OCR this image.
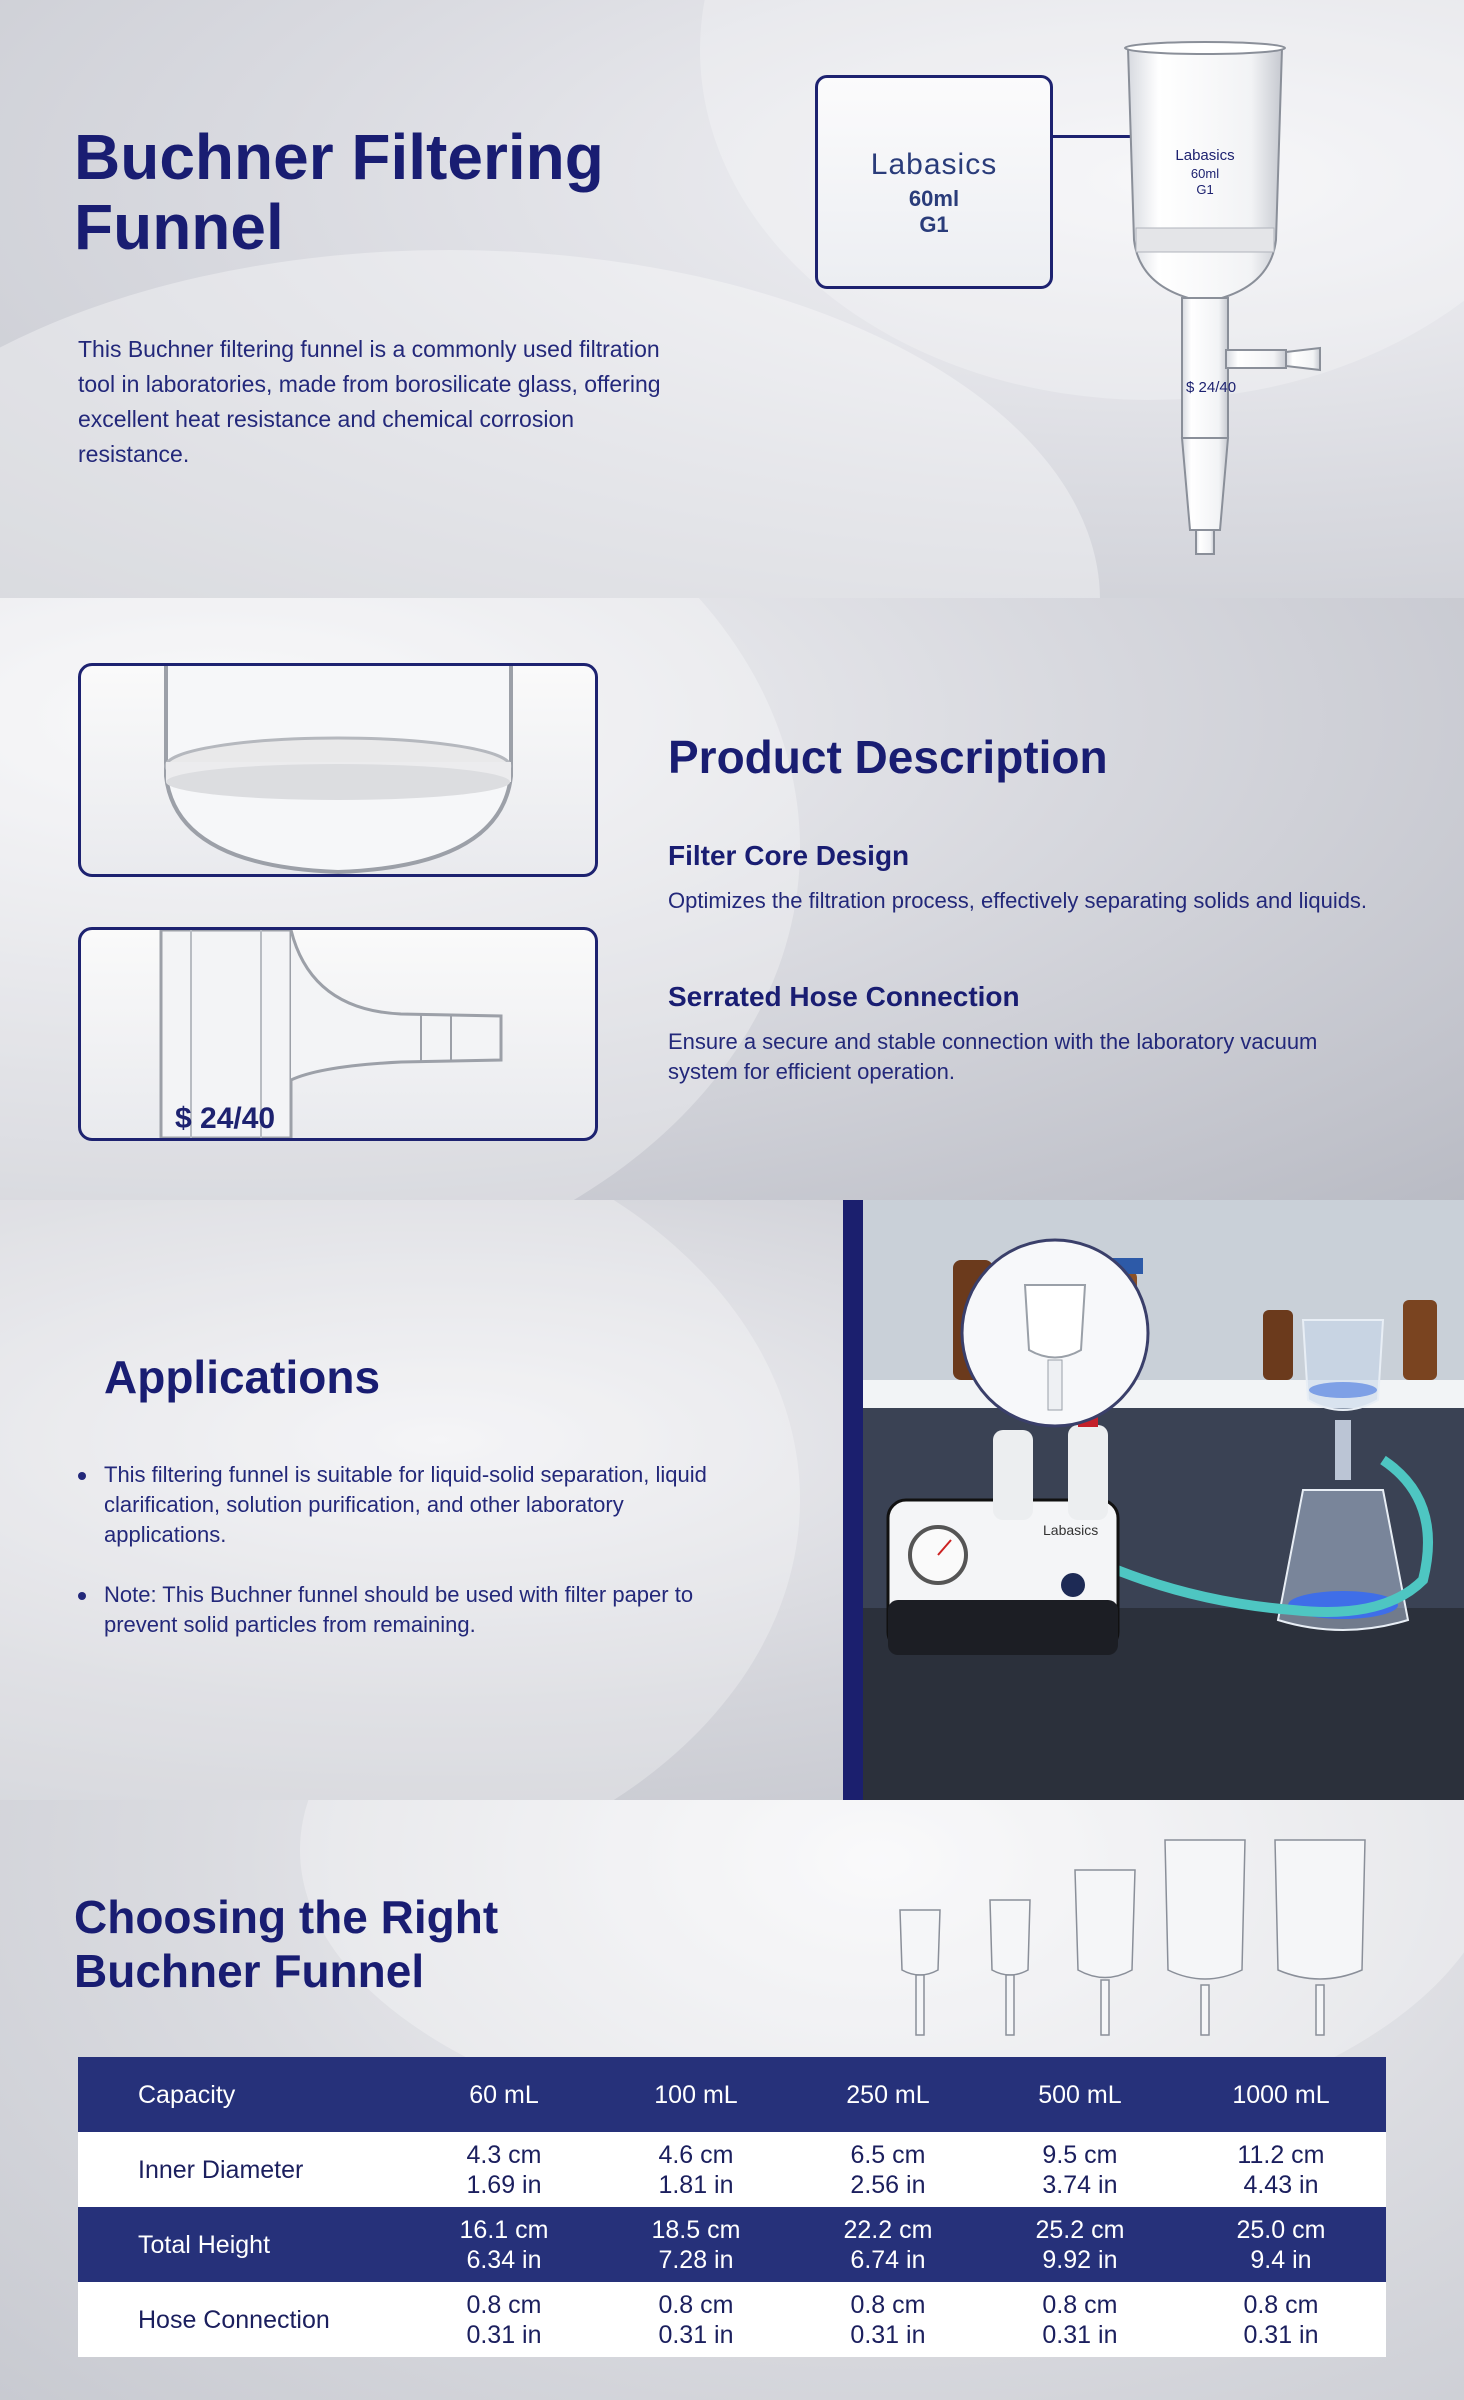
Buchner Filtering
Funnel

This Buchner filtering funnel is a commonly used filtration tool in laboratories, made from borosilicate glass, offering excellent heat resistance and chemical corrosion resistance.

Labasics
60ml
G1
Labasics
60ml
G1
$ 24/40
$ 24/40
Product Description
Filter Core Design

Optimizes the filtration process, effectively separating solids and liquids.

Serrated Hose Connection

Ensure a secure and stable connection with the laboratory vacuum system for efficient operation.

Applications
This filtering funnel is suitable for liquid-solid separation, liquid clarification, solution purification, and other laboratory applications.
Note: This Buchner funnel should be used with filter paper to prevent solid particles from remaining.
Labasics
Choosing the Right
Buchner Funnel
Capacity	60 mL	100 mL	250 mL	500 mL	1000 mL
Inner Diameter	4.3 cm
1.69 in	4.6 cm
1.81 in	6.5 cm
2.56 in	9.5 cm
3.74 in	11.2 cm
4.43 in
Total Height	16.1 cm
6.34 in	18.5 cm
7.28 in	22.2 cm
6.74 in	25.2 cm
9.92 in	25.0 cm
9.4 in
Hose Connection	0.8 cm
0.31 in	0.8 cm
0.31 in	0.8 cm
0.31 in	0.8 cm
0.31 in	0.8 cm
0.31 in
